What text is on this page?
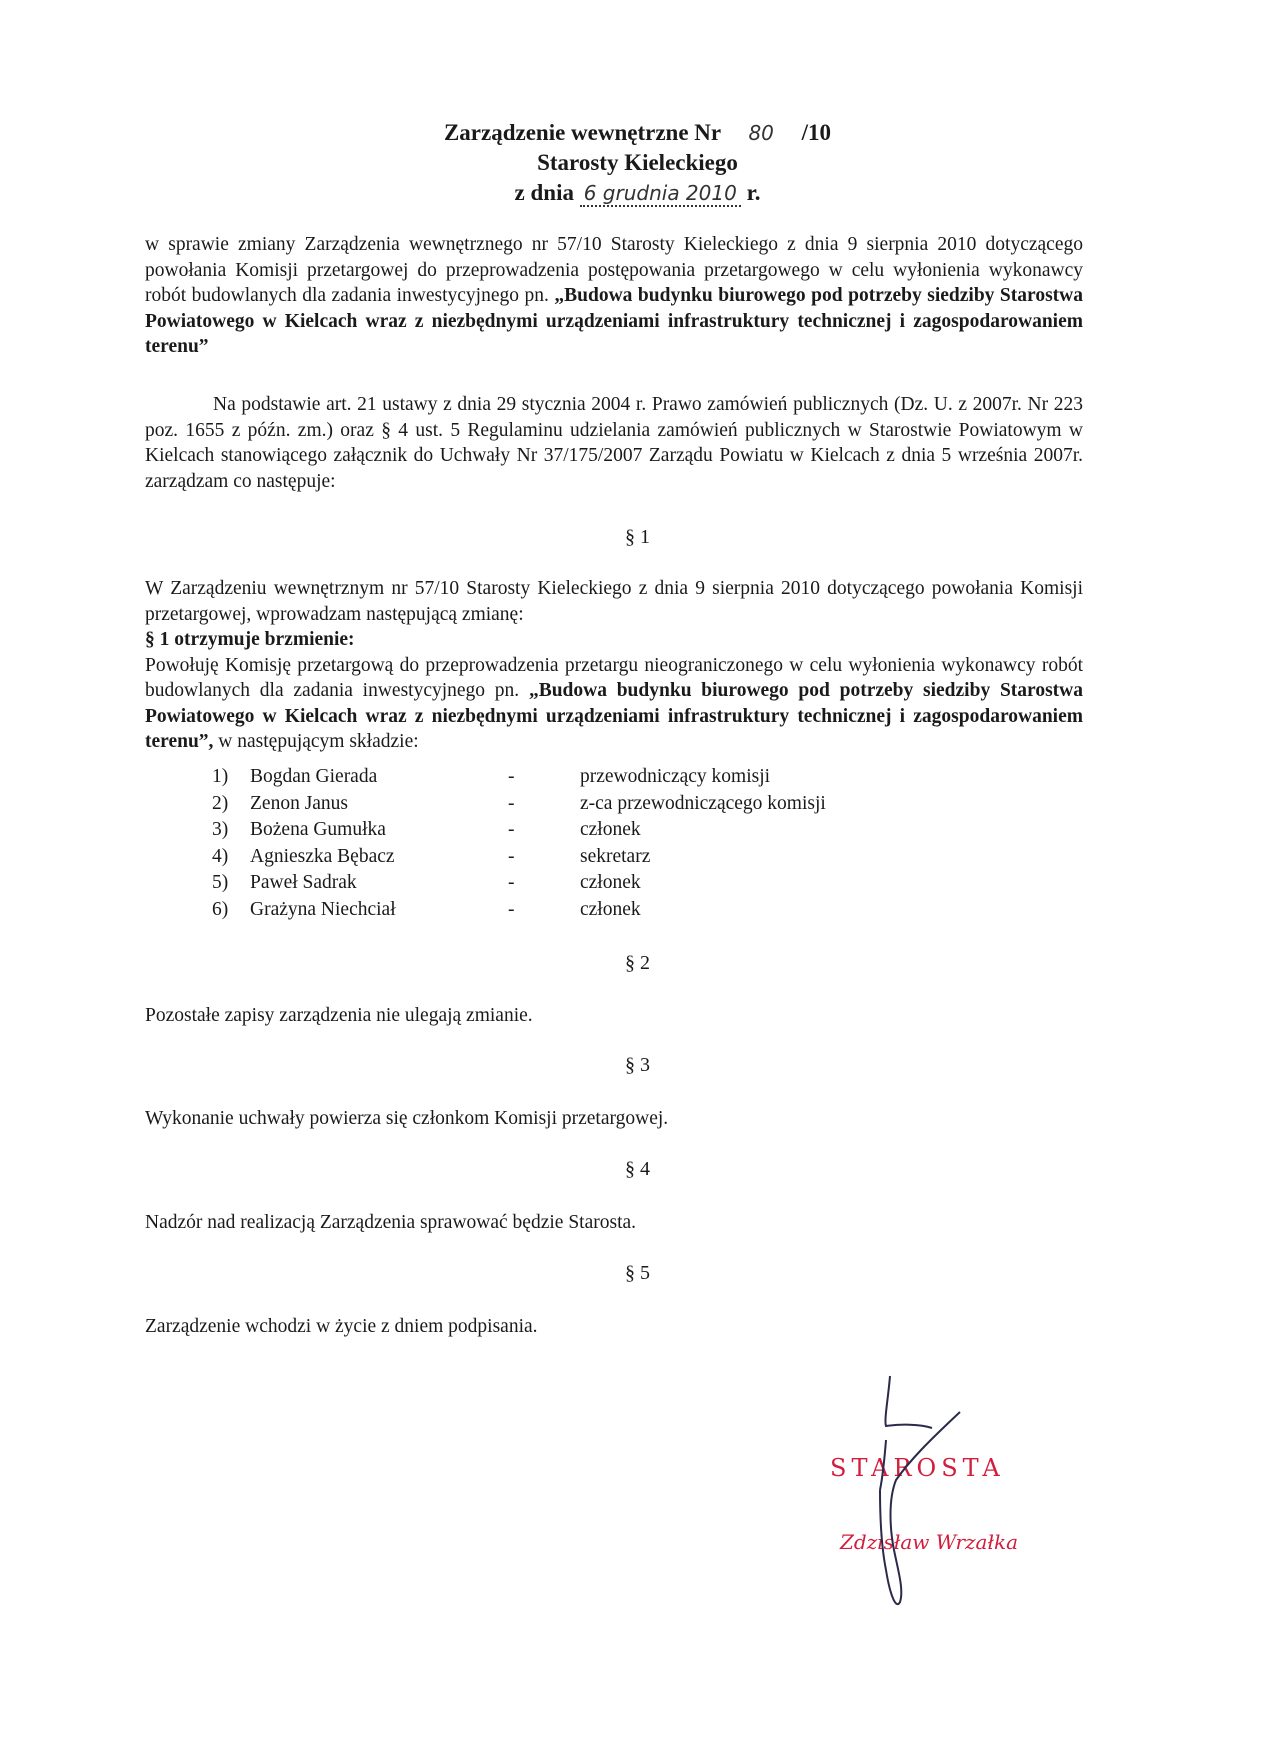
Zarządzenie wewnętrzne Nr 80 /10
Starosty Kieleckiego
z dnia 6 grudnia 2010 r.
w sprawie zmiany Zarządzenia wewnętrznego nr 57/10 Starosty Kieleckiego z dnia 9 sierpnia 2010 dotyczącego powołania Komisji przetargowej do przeprowadzenia postępowania przetargowego w celu wyłonienia wykonawcy robót budowlanych dla zadania inwestycyjnego pn. „Budowa budynku biurowego pod potrzeby siedziby Starostwa Powiatowego w Kielcach wraz z niezbędnymi urządzeniami infrastruktury technicznej i zagospodarowaniem terenu”
Na podstawie art. 21 ustawy z dnia 29 stycznia 2004 r. Prawo zamówień publicznych (Dz. U. z 2007r. Nr 223 poz. 1655 z późn. zm.) oraz § 4 ust. 5 Regulaminu udzielania zamówień publicznych w Starostwie Powiatowym w Kielcach stanowiącego załącznik do Uchwały Nr 37/175/2007 Zarządu Powiatu w Kielcach z dnia 5 września 2007r. zarządzam co następuje:
§ 1
W Zarządzeniu wewnętrznym nr 57/10 Starosty Kieleckiego z dnia 9 sierpnia 2010 dotyczącego powołania Komisji przetargowej, wprowadzam następującą zmianę:
§ 1 otrzymuje brzmienie:
Powołuję Komisję przetargową do przeprowadzenia przetargu nieograniczonego w celu wyłonienia wykonawcy robót budowlanych dla zadania inwestycyjnego pn. „Budowa budynku biurowego pod potrzeby siedziby Starostwa Powiatowego w Kielcach wraz z niezbędnymi urządzeniami infrastruktury technicznej i zagospodarowaniem terenu”, w następującym składzie:
1) Bogdan Gierada	-	przewodniczący komisji
2) Zenon Janus	-	z-ca przewodniczącego komisji
3) Bożena Gumułka	-	członek
4) Agnieszka Bębacz	-	sekretarz
5) Paweł Sadrak	-	członek
6) Grażyna Niechciał	-	członek
§ 2
Pozostałe zapisy zarządzenia nie ulegają zmianie.
§ 3
Wykonanie uchwały powierza się członkom Komisji przetargowej.
§ 4
Nadzór nad realizacją Zarządzenia sprawować będzie Starosta.
§ 5
Zarządzenie wchodzi w życie z dniem podpisania.
STAROSTA
Zdzisław Wrzałka
